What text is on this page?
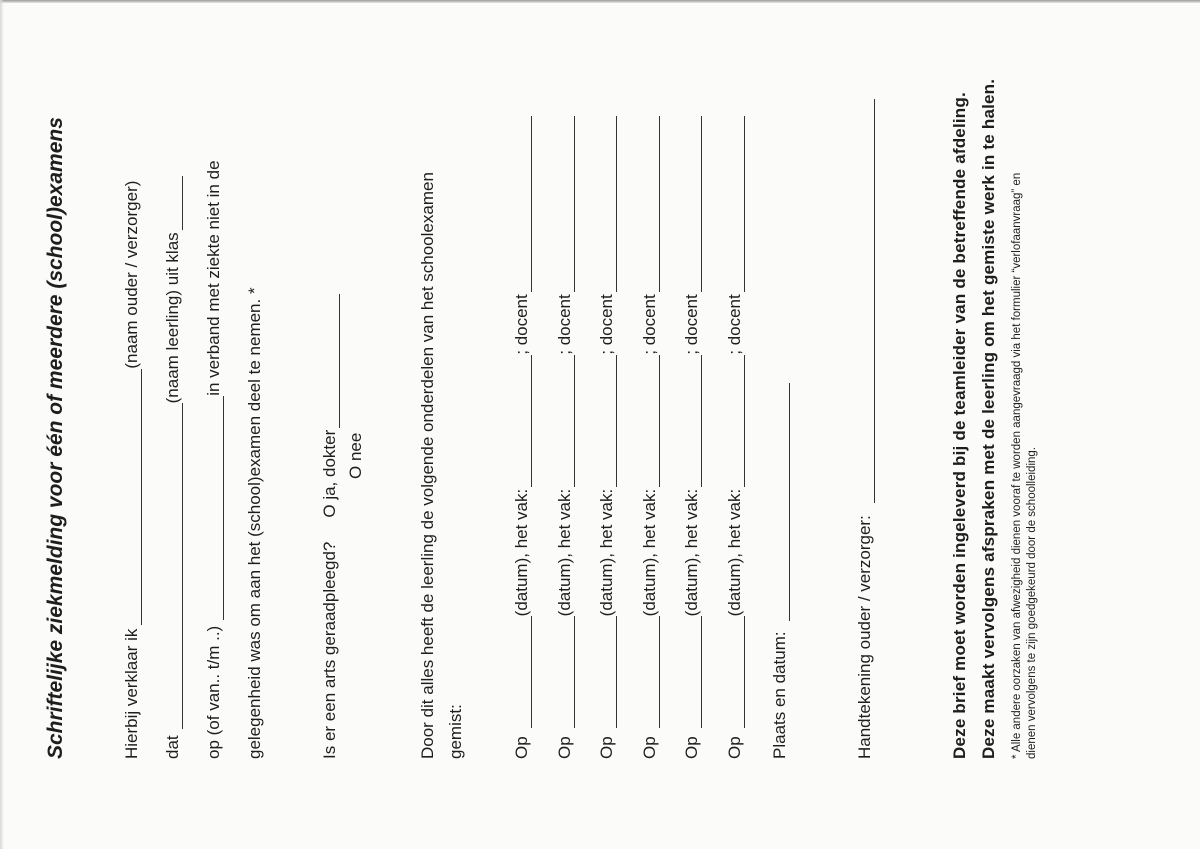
Schriftelijke ziekmelding voor één of meerdere (school)examens	Hierbij verklaar ik
(naam ouder / verzorger)
dat
(naam leerling) uit klas
op (of van.. t/m ..)
in verband met ziekte niet in de
gelegenheid was om aan het (school)examen deel te nemen. *	Is er een arts geraadpleegd?
O ja, dokter O nee	Door dit alles heeft de leerling de volgende onderdelen van het schoolexamen gemist:	Op
(datum), het vak:
; docent
Op
(datum), het vak:
; docent
Op
(datum), het vak:
; docent
Op
(datum), het vak:
; docent
Op
(datum), het vak:
; docent
Op
(datum), het vak:
; docent
Plaats en datum:	Handtekening ouder / verzorger:	Deze brief moet worden ingeleverd bij de teamleider van de betreffende afdeling. Deze maakt vervolgens afspraken met de leerling om het gemiste werk in te halen. * Alle andere oorzaken van afwezigheid dienen vooraf te worden aangevraagd via het formulier “verlofaanvraag” en dienen vervolgens te zijn goedgekeurd door de schoolleiding.
